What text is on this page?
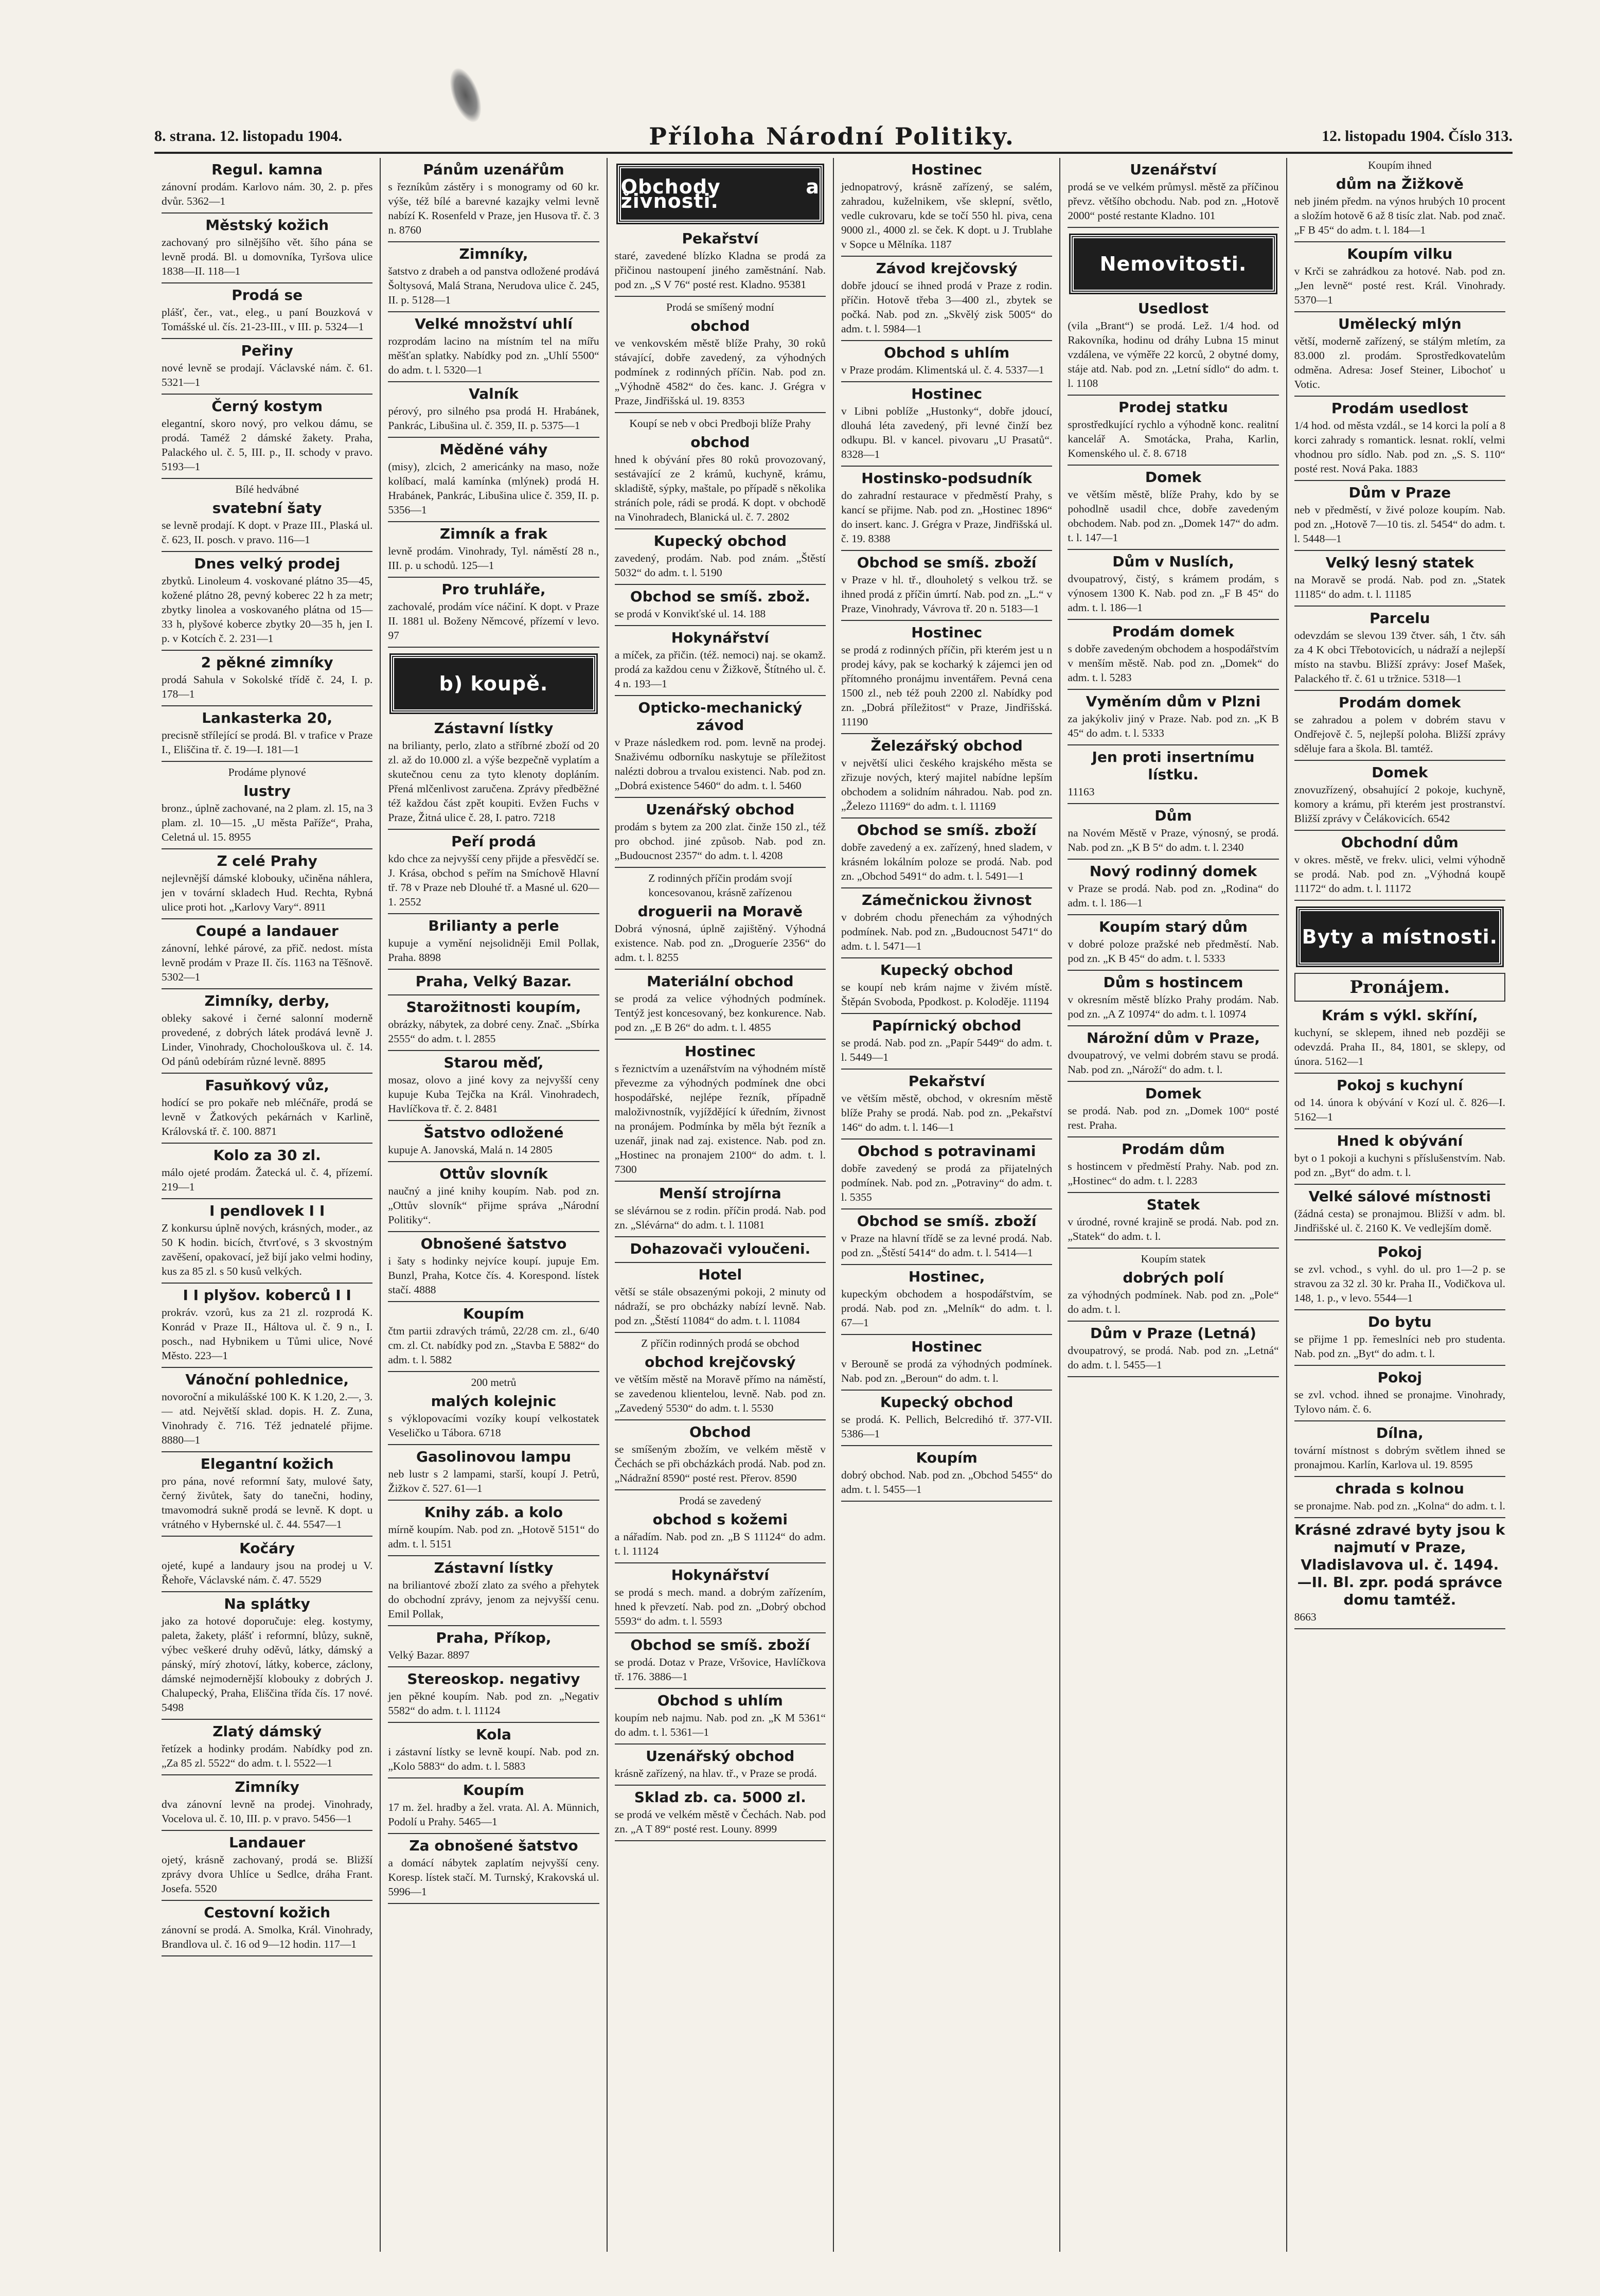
8. strana. 12. listopadu 1904.	Příloha Národní Politiky.	12. listopadu 1904. Číslo 313.
Regul. kamna
zánovní prodám. Karlovo nám. 30, 2. p. přes dvůr. 5362—1
Městský kožich
zachovaný pro silnějšího vět. šího pána se levně prodá. Bl. u domovníka, Tyršova ulice 1838—II. 118—1
Prodá se
plášť, čer., vat., eleg., u paní Bouzková v Tomášské ul. čís. 21-23-III., v III. p. 5324—1
Peřiny
nové levně se prodají. Václavské nám. č. 61. 5321—1
Černý kostym
elegantní, skoro nový, pro velkou dámu, se prodá. Taméž 2 dámské žakety. Praha, Palackého ul. č. 5, III. p., II. schody v pravo. 5193—1
Bílé hedvábné
svatební šaty
se levně prodají. K dopt. v Praze III., Plaská ul. č. 623, II. posch. v pravo. 116—1
Dnes velký prodej
zbytků. Linoleum 4. voskované plátno 35—45, kožené plátno 28, pevný koberec 22 h za metr; zbytky linolea a voskovaného plátna od 15—33 h, plyšové koberce zbytky 20—35 h, jen I. p. v Kotcích č. 2. 231—1
2 pěkné zimníky
prodá Sahula v Sokolské třídě č. 24, I. p. 178—1
Lankasterka 20,
precisně střílející se prodá. Bl. v trafice v Praze I., Eliščina tř. č. 19—I. 181—1
Prodáme plynové
lustry
bronz., úplně zachované, na 2 plam. zl. 15, na 3 plam. zl. 10—15. „U města Paříže“, Praha, Celetná ul. 15. 8955
Z celé Prahy
nejlevnější dámské klobouky, učiněna náhlera, jen v tovární skladech Hud. Rechta, Rybná ulice proti hot. „Karlovy Vary“. 8911
Coupé a landauer
zánovní, lehké párové, za přič. nedost. místa levně prodám v Praze II. čís. 1163 na Těšnově. 5302—1
Zimníky, derby,
obleky sakové i černé salonní moderně provedené, z dobrých látek prodává levně J. Linder, Vinohrady, Chocholouškova ul. č. 14. Od pánů odebírám různé levně. 8895
Fasuňkový vůz,
hodící se pro pokaře neb mléčnáře, prodá se levně v Žatkových pekárnách v Karlině, Královská tř. č. 100. 8871
Kolo za 30 zl.
málo ojeté prodám. Žatecká ul. č. 4, přízemí. 219—1
I pendlovek I I
Z konkursu úplně nových, krásných, moder., az 50 K hodin. bicích, čtvrťové, s 3 skvostným zavěšení, opakovací, jež bijí jako velmi hodiny, kus za 85 zl. s 50 kusů velkých.
I I plyšov. koberců I I
prokráv. vzorů, kus za 21 zl. rozprodá K. Konrád v Praze II., Háltova ul. č. 9 n., I. posch., nad Hybnikem u Tůmi ulice, Nové Město. 223—1
Vánoční pohlednice,
novoroční a mikulášské 100 K. K 1.20, 2.—, 3.— atd. Největší sklad. dopis. H. Z. Zuna, Vinohrady č. 716. Též jednatelé přijme. 8880—1
Elegantní kožich
pro pána, nové reformní šaty, mulové šaty, černý živůtek, šaty do tanečni, hodiny, tmavomodrá sukně prodá se levně. K dopt. u vrátného v Hybernské ul. č. 44. 5547—1
Kočáry
ojeté, kupé a landaury jsou na prodej u V. Řehoře, Václavské nám. č. 47. 5529
Na splátky
jako za hotové doporučuje: eleg. kostymy, paleta, žakety, plášť i reformní, blůzy, sukně, výbec veškeré druhy oděvů, látky, dámský a pánský, mírý zhotoví, látky, koberce, záclony, dámské nejmodernější klobouky z dobrých J. Chalupecký, Praha, Eliščina třída čís. 17 nové. 5498
Zlatý dámský
řetízek a hodinky prodám. Nabídky pod zn. „Za 85 zl. 5522“ do adm. t. l. 5522—1
Zimníky
dva zánovní levně na prodej. Vinohrady, Vocelova ul. č. 10, III. p. v pravo. 5456—1
Landauer
ojetý, krásně zachovaný, prodá se. Bližší zprávy dvora Uhlíce u Sedlce, dráha Frant. Josefa. 5520
Cestovní kožich
zánovní se prodá. A. Smolka, Král. Vinohrady, Brandlova ul. č. 16 od 9—12 hodin. 117—1
Pánům uzenářům
s řezníkům zástěry i s monogramy od 60 kr. výše, též bílé a barevné kazajky velmi levně nabízí K. Rosenfeld v Praze, jen Husova tř. č. 3 n. 8760
Zimníky,
šatstvo z drabeh a od panstva odložené prodává Šoltysová, Malá Strana, Nerudova ulice č. 245, II. p. 5128—1
Velké množství uhlí
rozprodám lacino na místním tel na mířu měšťan splatky. Nabídky pod zn. „Uhlí 5500“ do adm. t. l. 5320—1
Valník
pérový, pro silného psa prodá H. Hrabánek, Pankrác, Libušina ul. č. 359, II. p. 5375—1
Měděné váhy
(misy), zlcich, 2 americánky na maso, nože kolíbací, malá kamínka (mlýnek) prodá H. Hrabánek, Pankrác, Libušina ulice č. 359, II. p. 5356—1
Zimník a frak
levně prodám. Vinohrady, Tyl. náměstí 28 n., III. p. u schodů. 125—1
Pro truhláře,
zachovalé, prodám více náčiní. K dopt. v Praze II. 1881 ul. Boženy Němcové, přízemí v levo. 97
b) koupě.
Zástavní lístky
na brilianty, perlo, zlato a stříbrné zboží od 20 zl. až do 10.000 zl. a výše bezpečně vyplatím a skutečnou cenu za tyto klenoty dopláním. Přená mlčenlivost zaručena. Zprávy předběžné též každou část zpět koupiti. Evžen Fuchs v Praze, Žitná ulice č. 28, I. patro. 7218
Peří prodá
kdo chce za nejvyšší ceny přijde a přesvědčí se. J. Krása, obchod s peřím na Smíchově Hlavní tř. 78 v Praze neb Dlouhé tř. a Masné ul. 620—1. 2552
Brilianty a perle
kupuje a vymění nejsolidněji Emil Pollak, Praha. 8898
Praha, Velký Bazar.
Starožitnosti koupím,
obrázky, nábytek, za dobré ceny. Znač. „Sbírka 2555“ do adm. t. l. 2855
Starou měď,
mosaz, olovo a jiné kovy za nejvyšší ceny kupuje Kuba Tejčka na Král. Vinohradech, Havlíčkova tř. č. 2. 8481
Šatstvo odložené
kupuje A. Janovská, Malá n. 14 2805
Ottův slovník
naučný a jiné knihy koupím. Nab. pod zn. „Ottův slovník“ přijme správa „Národní Politiky“.
Obnošené šatstvo
i šaty s hodinky nejvíce koupí. jupuje Em. Bunzl, Praha, Kotce čís. 4. Korespond. lístek stačí. 4888
Koupím
čtm partii zdravých trámů, 22/28 cm. zl., 6/40 cm. zl. Ct. nabídky pod zn. „Stavba E 5882“ do adm. t. l. 5882
200 metrů
malých kolejnic
s výklopovacími vozíky koupí velkostatek Veseličko u Tábora. 6718
Gasolinovou lampu
neb lustr s 2 lampami, starší, koupí J. Petrů, Žižkov č. 527. 61—1
Knihy záb. a kolo
mírně koupím. Nab. pod zn. „Hotově 5151“ do adm. t. l. 5151
Zástavní lístky
na briliantové zboží zlato za svého a přehytek do obchodní zprávy, jenom za nejvyšší cenu. Emil Pollak,
Praha, Příkop,
Velký Bazar. 8897
Stereoskop. negativy
jen pěkné koupím. Nab. pod zn. „Negativ 5582“ do adm. t. l. 11124
Kola
i zástavní lístky se levně koupí. Nab. pod zn. „Kolo 5883“ do adm. t. l. 5883
Koupím
17 m. žel. hradby a žel. vrata. Al. A. Münnich, Podolí u Prahy. 5465—1
Za obnošené šatstvo
a domácí nábytek zaplatím nejvyšší ceny. Koresp. lístek stačí. M. Turnský, Krakovská ul. 5996—1
Obchody a živnosti.
Pekařství
staré, zavedené blízko Kladna se prodá za přičinou nastoupení jiného zaměstnání. Nab. pod zn. „S V 76“ posté rest. Kladno. 95381
Prodá se smíšený modní
obchod
ve venkovském městě blíže Prahy, 30 roků stávající, dobře zavedený, za výhodných podmínek z rodinných příčin. Nab. pod zn. „Výhodně 4582“ do čes. kanc. J. Grégra v Praze, Jindřišská ul. 19. 8353
Koupí se neb v obci Predboji blíže Prahy
obchod
hned k obývání přes 80 roků provozovaný, sestávající ze 2 krámů, kuchyně, krámu, skladiště, sýpky, maštale, po případě s několika stráních pole, rádi se prodá. K dopt. v obchodě na Vinohradech, Blanická ul. č. 7. 2802
Kupecký obchod
zavedený, prodám. Nab. pod znám. „Štěstí 5032“ do adm. t. l. 5190
Obchod se smíš. zbož.
se prodá v Konvikťské ul. 14. 188
Hokynářství
a míček, za přičin. (též. nemoci) naj. se okamž. prodá za každou cenu v Žižkově, Štítného ul. č. 4 n. 193—1
Opticko-mechanický závod
v Praze následkem rod. pom. levně na prodej. Snaživému odborníku naskytuje se příležitost nalézti dobrou a trvalou existenci. Nab. pod zn. „Dobrá existence 5460“ do adm. t. l. 5460
Uzenářský obchod
prodám s bytem za 200 zlat. činže 150 zl., též pro obchod. jiné způsob. Nab. pod zn. „Budoucnost 2357“ do adm. t. l. 4208
Z rodinných příčin prodám svojí koncesovanou, krásně zařízenou
droguerii na Moravě
Dobrá výnosná, úplně zajištěný. Výhodná existence. Nab. pod zn. „Drogueríe 2356“ do adm. t. l. 8255
Materiální obchod
se prodá za velice výhodných podmínek. Tentýž jest koncesovaný, bez konkurence. Nab. pod zn. „E B 26“ do adm. t. l. 4855
Hostinec
s řeznictvím a uzenářstvím na výhodném místě převezme za výhodných podmínek dne obci hospodářské, nejlépe řezník, případně maloživnostník, vyjíždějící k úředním, živnost na pronájem. Podmínka by měla být řezník a uzenář, jinak nad zaj. existence. Nab. pod zn. „Hostinec na pronajem 2100“ do adm. t. l. 7300
Menší strojírna
se slévárnou se z rodin. příčin prodá. Nab. pod zn. „Slévárna“ do adm. t. l. 11081
Dohazovači vyloučeni.
Hotel
větší se stále obsazenými pokoji, 2 minuty od nádraží, se pro obcházky nabízí levně. Nab. pod zn. „Štěstí 11084“ do adm. t. l. 11084
Z příčin rodinných prodá se obchod
obchod krejčovský
ve větším městě na Moravě přímo na náměstí, se zavedenou klientelou, levně. Nab. pod zn. „Zavedený 5530“ do adm. t. l. 5530
Obchod
se smíšeným zbožím, ve velkém městě v Čechách se při obcházkách prodá. Nab. pod zn. „Nádražní 8590“ posté rest. Přerov. 8590
Prodá se zavedený
obchod s kožemi
a nářadím. Nab. pod zn. „B S 11124“ do adm. t. l. 11124
Hokynářství
se prodá s mech. mand. a dobrým zařízením, hned k převzetí. Nab. pod zn. „Dobrý obchod 5593“ do adm. t. l. 5593
Obchod se smíš. zboží
se prodá. Dotaz v Praze, Vršovice, Havlíčkova tř. 176. 3886—1
Obchod s uhlím
koupím neb najmu. Nab. pod zn. „K M 5361“ do adm. t. l. 5361—1
Uzenářský obchod
krásně zařízený, na hlav. tř., v Praze se prodá.
Sklad zb. ca. 5000 zl.
se prodá ve velkém městě v Čechách. Nab. pod zn. „A T 89“ posté rest. Louny. 8999
Hostinec
jednopatrový, krásně zařízený, se salém, zahradou, kuželnikem, vše sklepní, světlo, vedle cukrovaru, kde se točí 550 hl. piva, cena 9000 zl., 4000 zl. se ček. K dopt. u J. Trublahe v Sopce u Mělníka. 1187
Závod krejčovský
dobře jdoucí se ihned prodá v Praze z rodin. příčin. Hotově třeba 3—400 zl., zbytek se počká. Nab. pod zn. „Skvělý zisk 5005“ do adm. t. l. 5984—1
Obchod s uhlím
v Praze prodám. Klimentská ul. č. 4. 5337—1
Hostinec
v Libni poblíže „Hustonky“, dobře jdoucí, dlouhá léta zavedený, při levné činží bez odkupu. Bl. v kancel. pivovaru „U Prasatů“. 8328—1
Hostinsko-podsudník
do zahradní restaurace v předměstí Prahy, s kancí se přijme. Nab. pod zn. „Hostinec 1896“ do insert. kanc. J. Grégra v Praze, Jindřišská ul. č. 19. 8388
Obchod se smíš. zboží
v Praze v hl. tř., dlouholetý s velkou trž. se ihned prodá z příčin úmrtí. Nab. pod zn. „L.“ v Praze, Vinohrady, Vávrova tř. 20 n. 5183—1
Hostinec
se prodá z rodinných příčin, při kterém jest u n prodej kávy, pak se kocharký k zájemci jen od přítomného pronájmu inventářem. Pevná cena 1500 zl., neb též pouh 2200 zl. Nabídky pod zn. „Dobrá příležitost“ v Praze, Jindřišská. 11190
Železářský obchod
v největší ulici českého krajského města se zřizuje nových, který majitel nabídne lepším obchodem a solidním náhradou. Nab. pod zn. „Železo 11169“ do adm. t. l. 11169
Obchod se smíš. zboží
dobře zavedený a ex. zařízený, hned sladem, v krásném lokálním poloze se prodá. Nab. pod zn. „Obchod 5491“ do adm. t. l. 5491—1
Zámečnickou živnost
v dobrém chodu přenechám za výhodných podmínek. Nab. pod zn. „Budoucnost 5471“ do adm. t. l. 5471—1
Kupecký obchod
se koupí neb krám najme v živém místě. Štěpán Svoboda, Ppodkost. p. Koloděje. 11194
Papírnický obchod
se prodá. Nab. pod zn. „Papír 5449“ do adm. t. l. 5449—1
Pekařství
ve větším městě, obchod, v okresním městě blíže Prahy se prodá. Nab. pod zn. „Pekařství 146“ do adm. t. l. 146—1
Obchod s potravinami
dobře zavedený se prodá za přijatelných podmínek. Nab. pod zn. „Potraviny“ do adm. t. l. 5355
Obchod se smíš. zboží
v Praze na hlavní třídě se za levné prodá. Nab. pod zn. „Štěstí 5414“ do adm. t. l. 5414—1
Hostinec,
kupeckým obchodem a hospodářstvím, se prodá. Nab. pod zn. „Melník“ do adm. t. l. 67—1
Hostinec
v Berouně se prodá za výhodných podmínek. Nab. pod zn. „Beroun“ do adm. t. l.
Kupecký obchod
se prodá. K. Pellich, Belcredihó tř. 377-VII. 5386—1
Koupím
dobrý obchod. Nab. pod zn. „Obchod 5455“ do adm. t. l. 5455—1
Uzenářství
prodá se ve velkém průmysl. městě za příčinou převz. většího obchodu. Nab. pod zn. „Hotově 2000“ posté restante Kladno. 101
Nemovitosti.
Usedlost
(vila „Brant“) se prodá. Lež. 1/4 hod. od Rakovníka, hodinu od dráhy Lubna 15 minut vzdálena, ve výměře 22 korců, 2 obytné domy, stáje atd. Nab. pod zn. „Letní sídlo“ do adm. t. l. 1108
Prodej statku
sprostředkující rychlo a výhodně konc. realitní kancelář A. Smotácka, Praha, Karlin, Komenského ul. č. 8. 6718
Domek
ve větším městě, blíže Prahy, kdo by se pohodlně usadil chce, dobře zavedeným obchodem. Nab. pod zn. „Domek 147“ do adm. t. l. 147—1
Dům v Nuslích,
dvoupatrový, čistý, s krámem prodám, s výnosem 1300 K. Nab. pod zn. „F B 45“ do adm. t. l. 186—1
Prodám domek
s dobře zavedeným obchodem a hospodářstvím v menším městě. Nab. pod zn. „Domek“ do adm. t. l. 5283
Vyměním dům v Plzni
za jakýkoliv jiný v Praze. Nab. pod zn. „K B 45“ do adm. t. l. 5333
Jen proti insertnímu lístku.
11163
Dům
na Novém Městě v Praze, výnosný, se prodá. Nab. pod zn. „K B 5“ do adm. t. l. 2340
Nový rodinný domek
v Praze se prodá. Nab. pod zn. „Rodina“ do adm. t. l. 186—1
Koupím starý dům
v dobré poloze pražské neb předměstí. Nab. pod zn. „K B 45“ do adm. t. l. 5333
Dům s hostincem
v okresním městě blízko Prahy prodám. Nab. pod zn. „A Z 10974“ do adm. t. l. 10974
Nárožní dům v Praze,
dvoupatrový, ve velmi dobrém stavu se prodá. Nab. pod zn. „Nároží“ do adm. t. l.
Domek
se prodá. Nab. pod zn. „Domek 100“ posté rest. Praha.
Prodám dům
s hostincem v předměstí Prahy. Nab. pod zn. „Hostinec“ do adm. t. l. 2283
Statek
v úrodné, rovné krajině se prodá. Nab. pod zn. „Statek“ do adm. t. l.
Koupím statek
dobrých polí
za výhodných podmínek. Nab. pod zn. „Pole“ do adm. t. l.
Dům v Praze (Letná)
dvoupatrový, se prodá. Nab. pod zn. „Letná“ do adm. t. l. 5455—1
Koupím ihned
dům na Žižkově
neb jiném předm. na výnos hrubých 10 procent a složím hotově 6 až 8 tisíc zlat. Nab. pod znač. „F B 45“ do adm. t. l. 184—1
Koupím vilku
v Krči se zahrádkou za hotové. Nab. pod zn. „Jen levně“ posté rest. Král. Vinohrady. 5370—1
Umělecký mlýn
větší, moderně zařízený, se stálým mletím, za 83.000 zl. prodám. Sprostředkovatelům odměna. Adresa: Josef Steiner, Libochoť u Votic.
Prodám usedlost
1/4 hod. od města vzdál., se 14 korci la polí a 8 korci zahrady s romantick. lesnat. roklí, velmi vhodnou pro sídlo. Nab. pod zn. „S. S. 110“ posté rest. Nová Paka. 1883
Dům v Praze
neb v předměstí, v živé poloze koupím. Nab. pod zn. „Hotově 7—10 tis. zl. 5454“ do adm. t. l. 5448—1
Velký lesný statek
na Moravě se prodá. Nab. pod zn. „Statek 11185“ do adm. t. l. 11185
Parcelu
odevzdám se slevou 139 čtver. sáh, 1 čtv. sáh za 4 K obci Třebotovicích, u nádraží a nejlepší místo na stavbu. Bližší zprávy: Josef Mašek, Palackého tř. č. 61 u tržnice. 5318—1
Prodám domek
se zahradou a polem v dobrém stavu v Ondřejově č. 5, nejlepší poloha. Bližší zprávy sděluje fara a škola. Bl. tamtéž.
Domek
znovuzřízený, obsahující 2 pokoje, kuchyně, komory a krámu, při kterém jest prostranství. Bližší zprávy v Čelákovicích. 6542
Obchodní dům
v okres. městě, ve frekv. ulici, velmi výhodně se prodá. Nab. pod zn. „Výhodná koupě 11172“ do adm. t. l. 11172
Byty a místnosti.
Pronájem.
Krám s výkl. skříní,
kuchyní, se sklepem, ihned neb později se odevzdá. Praha II., 84, 1801, se sklepy, od února. 5162—1
Pokoj s kuchyní
od 14. února k obývání v Kozí ul. č. 826—I. 5162—1
Hned k obývání
byt o 1 pokoji a kuchyni s příslušenstvím. Nab. pod zn. „Byt“ do adm. t. l.
Velké sálové místnosti
(žádná cesta) se pronajmou. Bližší v adm. bl. Jindřišské ul. č. 2160 K. Ve vedlejším domě.
Pokoj
se zvl. vchod., s vyhl. do ul. pro 1—2 p. se stravou za 32 zl. 30 kr. Praha II., Vodičkova ul. 148, 1. p., v levo. 5544—1
Do bytu
se přijme 1 pp. řemeslníci neb pro studenta. Nab. pod zn. „Byt“ do adm. t. l.
Pokoj
se zvl. vchod. ihned se pronajme. Vinohrady, Tylovo nám. č. 6.
Dílna,
tovární místnost s dobrým světlem ihned se pronajmou. Karlín, Karlova ul. 19. 8595
chrada s kolnou
se pronajme. Nab. pod zn. „Kolna“ do adm. t. l.
Krásné zdravé byty jsou k najmutí v Praze, Vladislavova ul. č. 1494.—II. Bl. zpr. podá správce domu tamtéž.
8663
